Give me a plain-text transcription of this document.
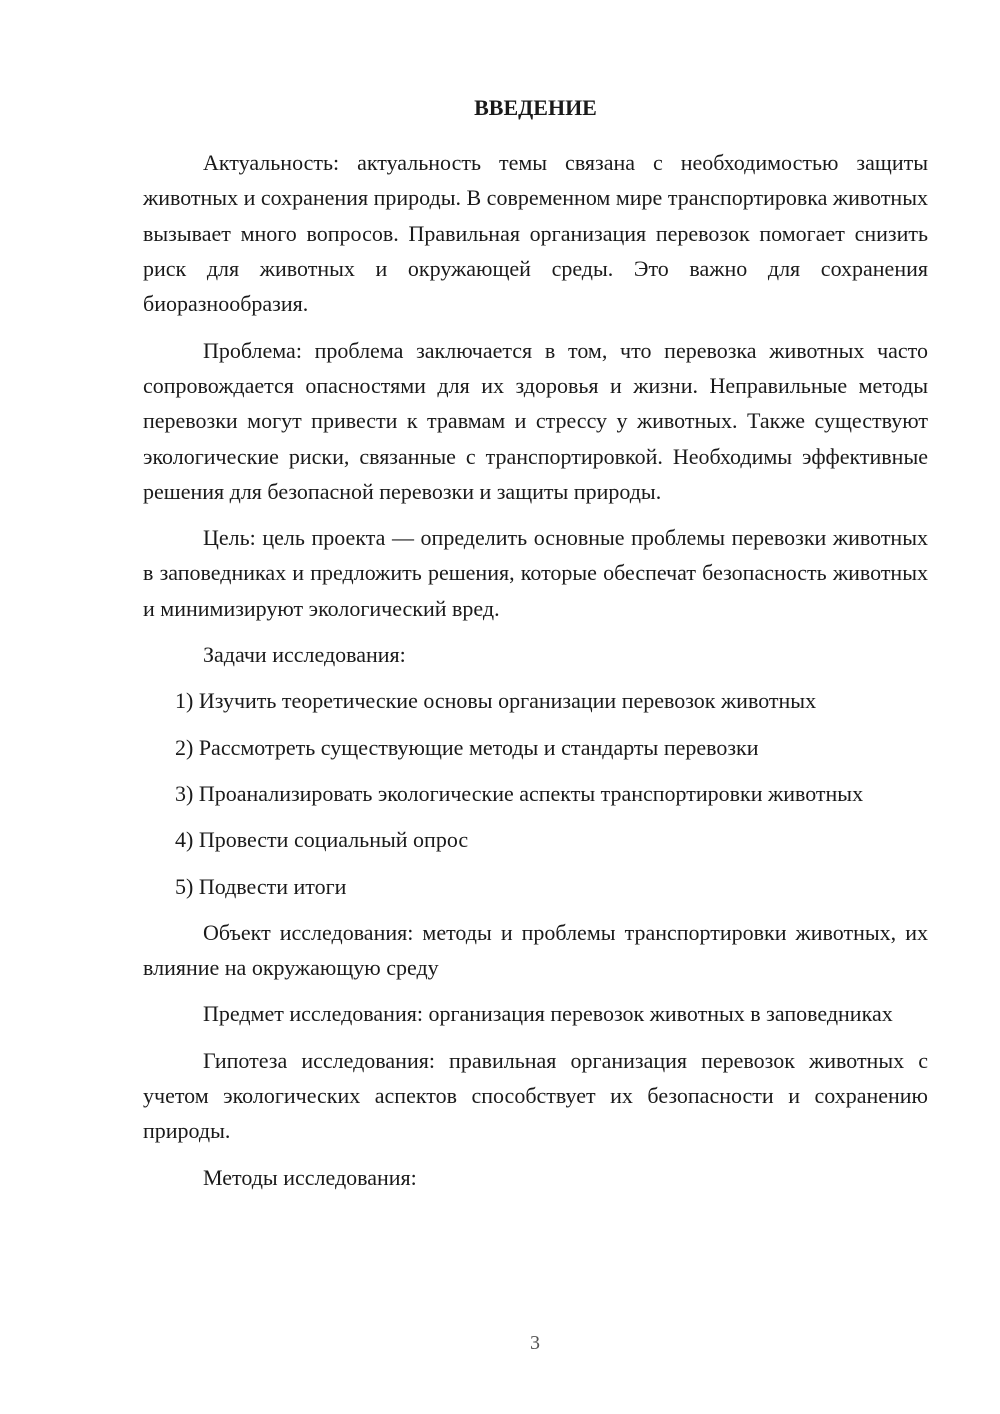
ВВЕДЕНИЕ

Актуальность: актуальность темы связана с необходимостью защиты животных и сохранения природы. В современном мире транспортировка животных вызывает много вопросов. Правильная организация перевозок помогает снизить риск для животных и окружающей среды. Это важно для сохранения биоразнообразия.

Проблема: проблема заключается в том, что перевозка животных часто сопровождается опасностями для их здоровья и жизни. Неправильные методы перевозки могут привести к травмам и стрессу у животных. Также существуют экологические риски, связанные с транспортировкой. Необходимы эффективные решения для безопасной перевозки и защиты природы.

Цель: цель проекта — определить основные проблемы перевозки животных в заповедниках и предложить решения, которые обеспечат безопасность животных и минимизируют экологический вред.

Задачи исследования:

1) Изучить теоретические основы организации перевозок животных

2) Рассмотреть существующие методы и стандарты перевозки

3) Проанализировать экологические аспекты транспортировки животных

4) Провести социальный опрос

5) Подвести итоги

Объект исследования: методы и проблемы транспортировки животных, их влияние на окружающую среду

Предмет исследования: организация перевозок животных в заповедниках

Гипотеза исследования: правильная организация перевозок животных с учетом экологических аспектов способствует их безопасности и сохранению природы.

Методы исследования:

3
